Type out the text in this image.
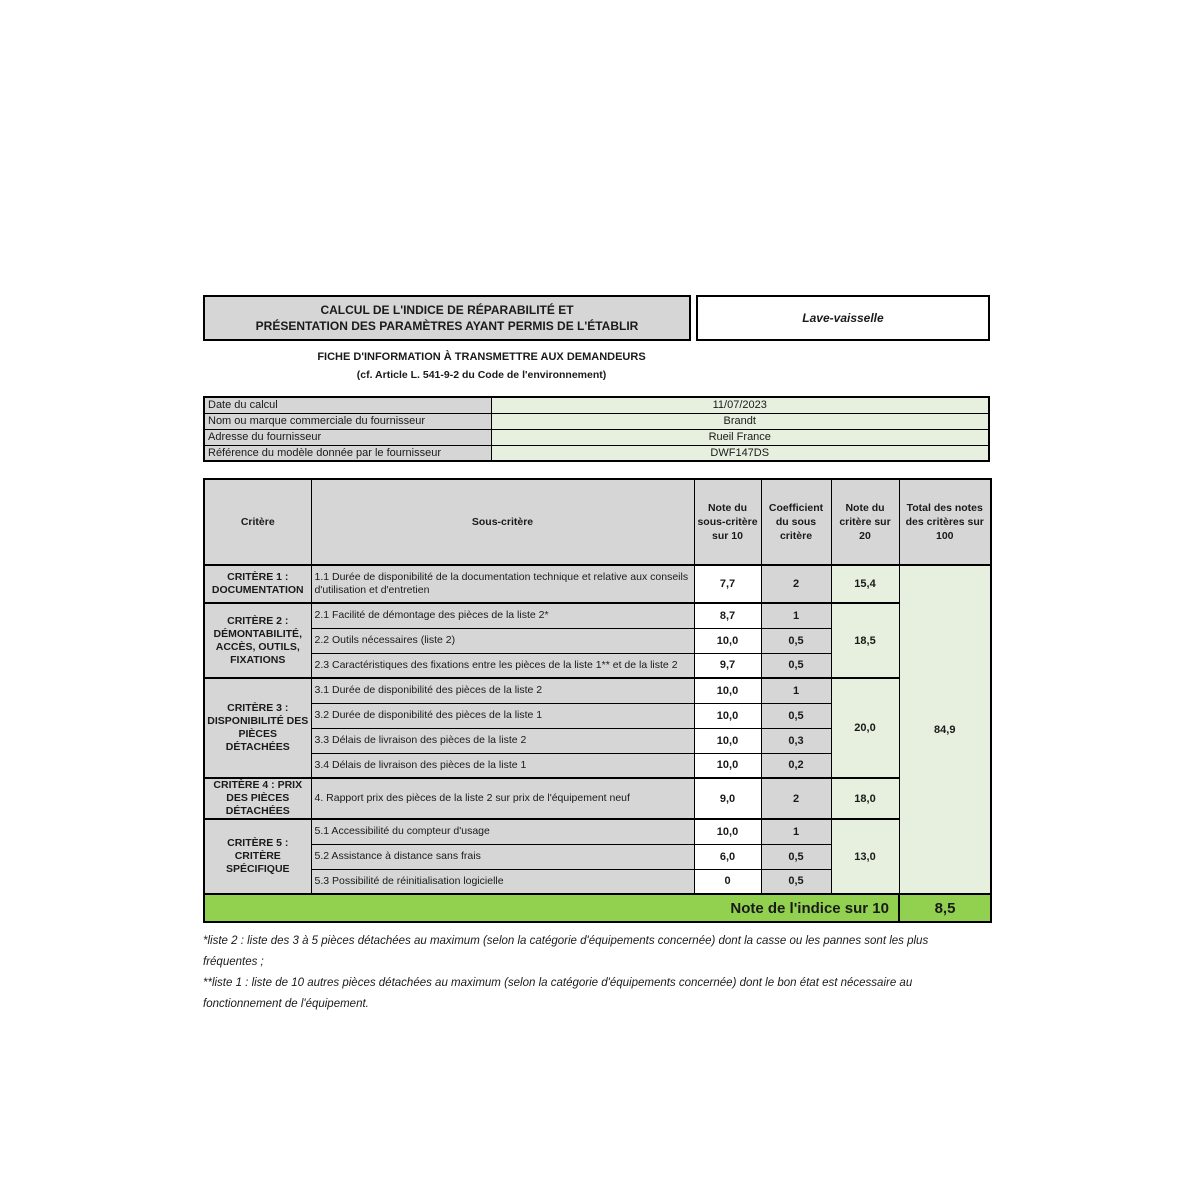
CALCUL DE L'INDICE DE RÉPARABILITÉ ET
PRÉSENTATION DES PARAMÈTRES AYANT PERMIS DE L'ÉTABLIR
Lave-vaisselle
FICHE D'INFORMATION À TRANSMETTRE AUX DEMANDEURS
(cf. Article L. 541-9-2 du Code de l'environnement)
Date du calcul	11/07/2023
Nom ou marque commerciale du fournisseur	Brandt
Adresse du fournisseur	Rueil France
Référence du modèle donnée par le fournisseur	DWF147DS
Critère	Sous-critère	Note du sous-critère sur 10	Coefficient du sous critère	Note du critère sur 20	Total des notes des critères sur 100
CRITÈRE 1 : DOCUMENTATION	1.1 Durée de disponibilité de la documentation technique et relative aux conseils d'utilisation et d'entretien	7,7	2	15,4	84,9
CRITÈRE 2 : DÉMONTABILITÉ, ACCÈS, OUTILS, FIXATIONS	2.1 Facilité de démontage des pièces de la liste 2*	8,7	1	18,5	
	2.2 Outils nécessaires (liste 2)	10,0	0,5		
	2.3 Caractéristiques des fixations entre les pièces de la liste 1** et de la liste 2	9,7	0,5		
CRITÈRE 3 : DISPONIBILITÉ DES PIÈCES DÉTACHÉES	3.1 Durée de disponibilité des pièces de la liste 2	10,0	1	20,0	
	3.2 Durée de disponibilité des pièces de la liste 1	10,0	0,5		
	3.3 Délais de livraison des pièces de la liste 2	10,0	0,3		
	3.4 Délais de livraison des pièces de la liste 1	10,0	0,2		
CRITÈRE 4 : PRIX DES PIÈCES DÉTACHÉES	4. Rapport prix des pièces de la liste 2 sur prix de l'équipement neuf	9,0	2	18,0	
CRITÈRE 5 : CRITÈRE SPÉCIFIQUE	5.1 Accessibilité du compteur d'usage	10,0	1	13,0	
	5.2 Assistance à distance sans frais	6,0	0,5		
	5.3 Possibilité de réinitialisation logicielle	0	0,5		
Note de l'indice sur 10					8,5

*liste 2 : liste des 3 à 5 pièces détachées au maximum (selon la catégorie d'équipements concernée) dont la casse ou les pannes sont les plus fréquentes ;

**liste 1 : liste de 10 autres pièces détachées au maximum (selon la catégorie d'équipements concernée) dont le bon état est nécessaire au fonctionnement de l'équipement.
